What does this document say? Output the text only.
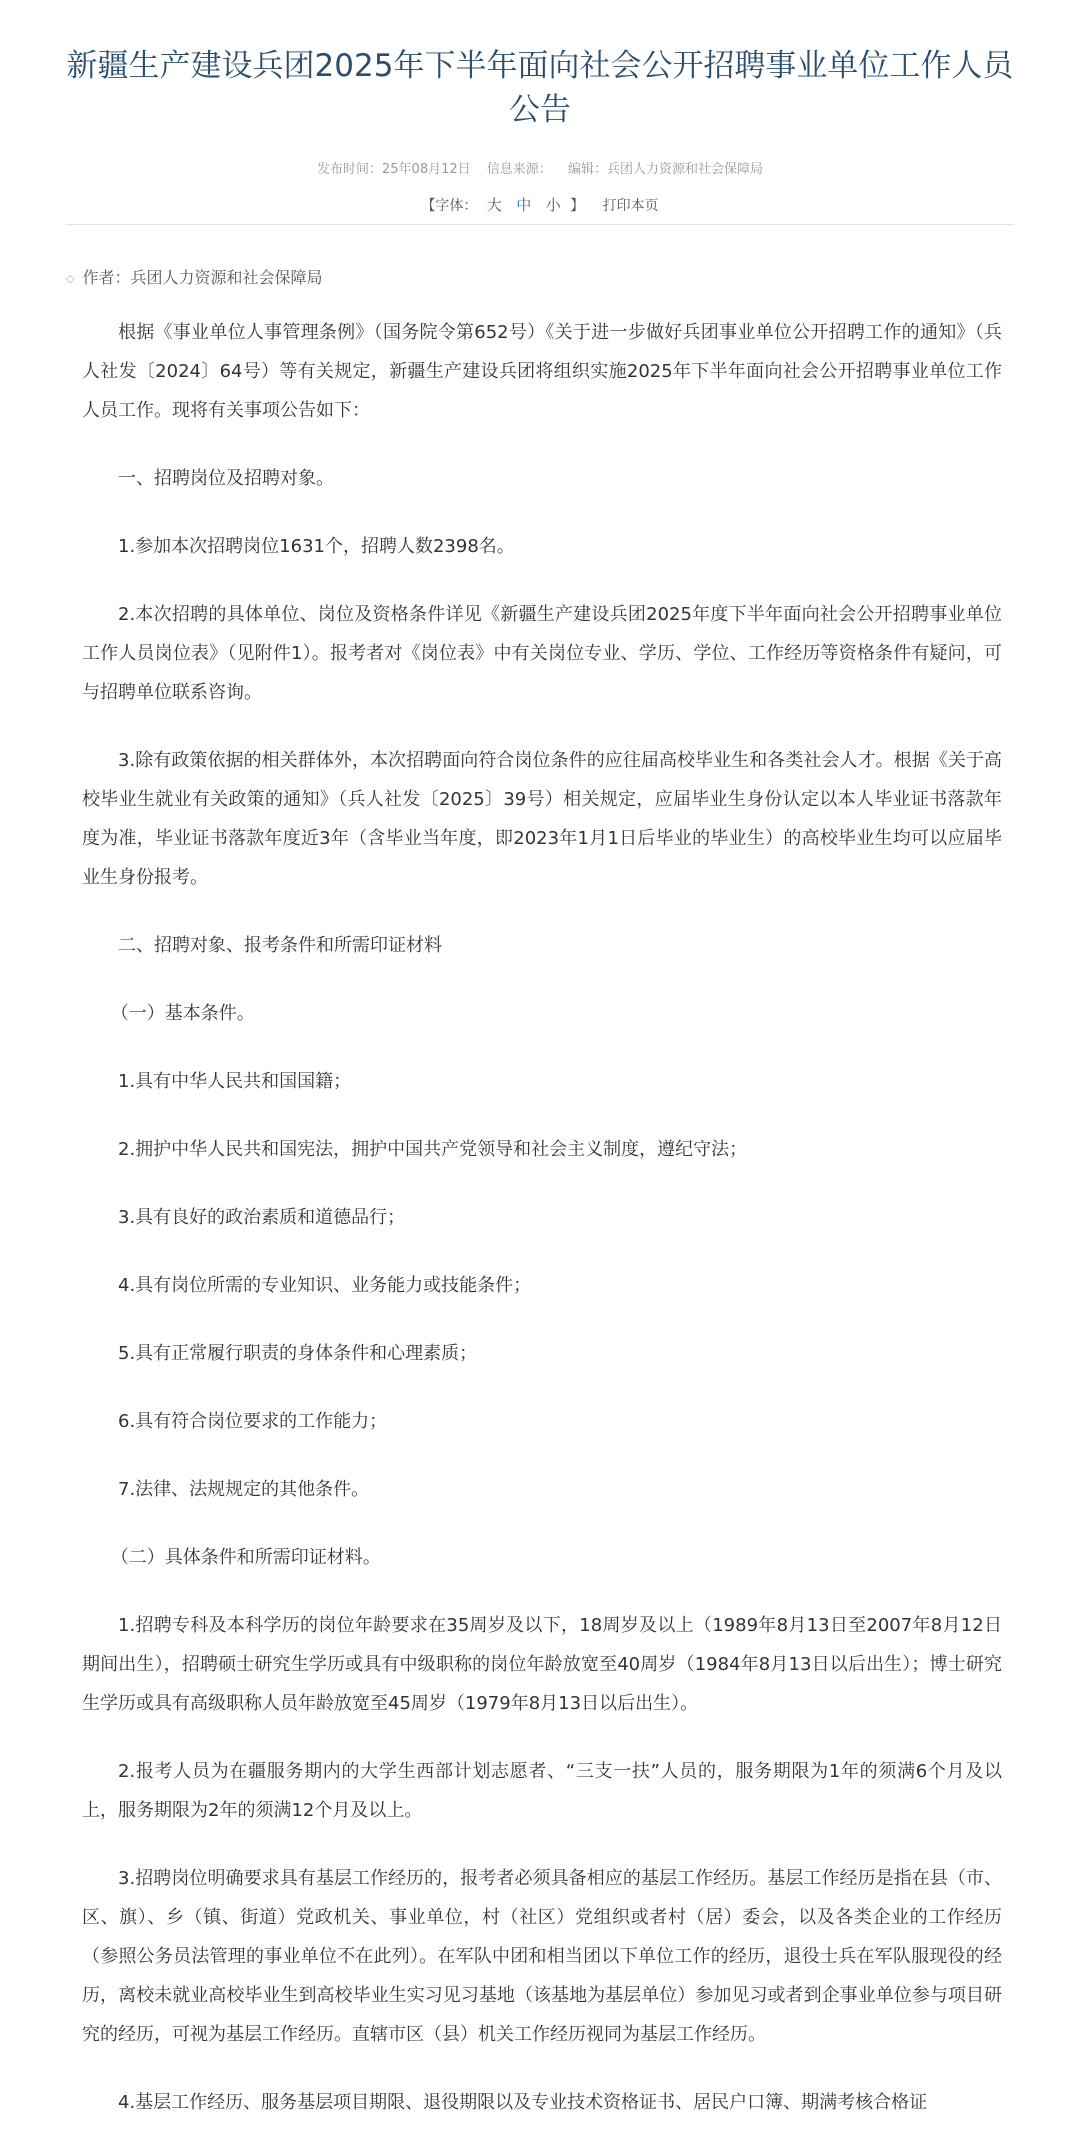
新疆生产建设兵团2025年下半年面向社会公开招聘事业单位工作人员公告
发布时间：25年08月12日 信息来源： 编辑：兵团人力资源和社会保障局
【字体： 大 中 小 】 打印本页
◇ 作者：兵团人力资源和社会保障局

根据《事业单位人事管理条例》（国务院令第652号）《关于进一步做好兵团事业单位公开招聘工作的通知》（兵人社发〔2024〕64号）等有关规定，新疆生产建设兵团将组织实施2025年下半年面向社会公开招聘事业单位工作人员工作。现将有关事项公告如下：

一、招聘岗位及招聘对象。

1.参加本次招聘岗位1631个，招聘人数2398名。

2.本次招聘的具体单位、岗位及资格条件详见《新疆生产建设兵团2025年度下半年面向社会公开招聘事业单位工作人员岗位表》（见附件1）。报考者对《岗位表》中有关岗位专业、学历、学位、工作经历等资格条件有疑问，可与招聘单位联系咨询。

3.除有政策依据的相关群体外，本次招聘面向符合岗位条件的应往届高校毕业生和各类社会人才。根据《关于高校毕业生就业有关政策的通知》（兵人社发〔2025〕39号）相关规定，应届毕业生身份认定以本人毕业证书落款年度为准，毕业证书落款年度近3年（含毕业当年度，即2023年1月1日后毕业的毕业生）的高校毕业生均可以应届毕业生身份报考。

二、招聘对象、报考条件和所需印证材料

（一）基本条件。

1.具有中华人民共和国国籍；

2.拥护中华人民共和国宪法，拥护中国共产党领导和社会主义制度，遵纪守法；

3.具有良好的政治素质和道德品行；

4.具有岗位所需的专业知识、业务能力或技能条件；

5.具有正常履行职责的身体条件和心理素质；

6.具有符合岗位要求的工作能力；

7.法律、法规规定的其他条件。

（二）具体条件和所需印证材料。

1.招聘专科及本科学历的岗位年龄要求在35周岁及以下，18周岁及以上（1989年8月13日至2007年8月12日期间出生），招聘硕士研究生学历或具有中级职称的岗位年龄放宽至40周岁（1984年8月13日以后出生）；博士研究生学历或具有高级职称人员年龄放宽至45周岁（1979年8月13日以后出生）。

2.报考人员为在疆服务期内的大学生西部计划志愿者、“三支一扶”人员的，服务期限为1年的须满6个月及以上，服务期限为2年的须满12个月及以上。

3.招聘岗位明确要求具有基层工作经历的，报考者必须具备相应的基层工作经历。基层工作经历是指在县（市、区、旗）、乡（镇、街道）党政机关、事业单位，村（社区）党组织或者村（居）委会，以及各类企业的工作经历（参照公务员法管理的事业单位不在此列）。在军队中团和相当团以下单位工作的经历，退役士兵在军队服现役的经历，离校未就业高校毕业生到高校毕业生实习见习基地（该基地为基层单位）参加见习或者到企事业单位参与项目研究的经历，可视为基层工作经历。直辖市区（县）机关工作经历视同为基层工作经历。

4.基层工作经历、服务基层项目期限、退役期限以及专业技术资格证书、居民户口簿、期满考核合格证
